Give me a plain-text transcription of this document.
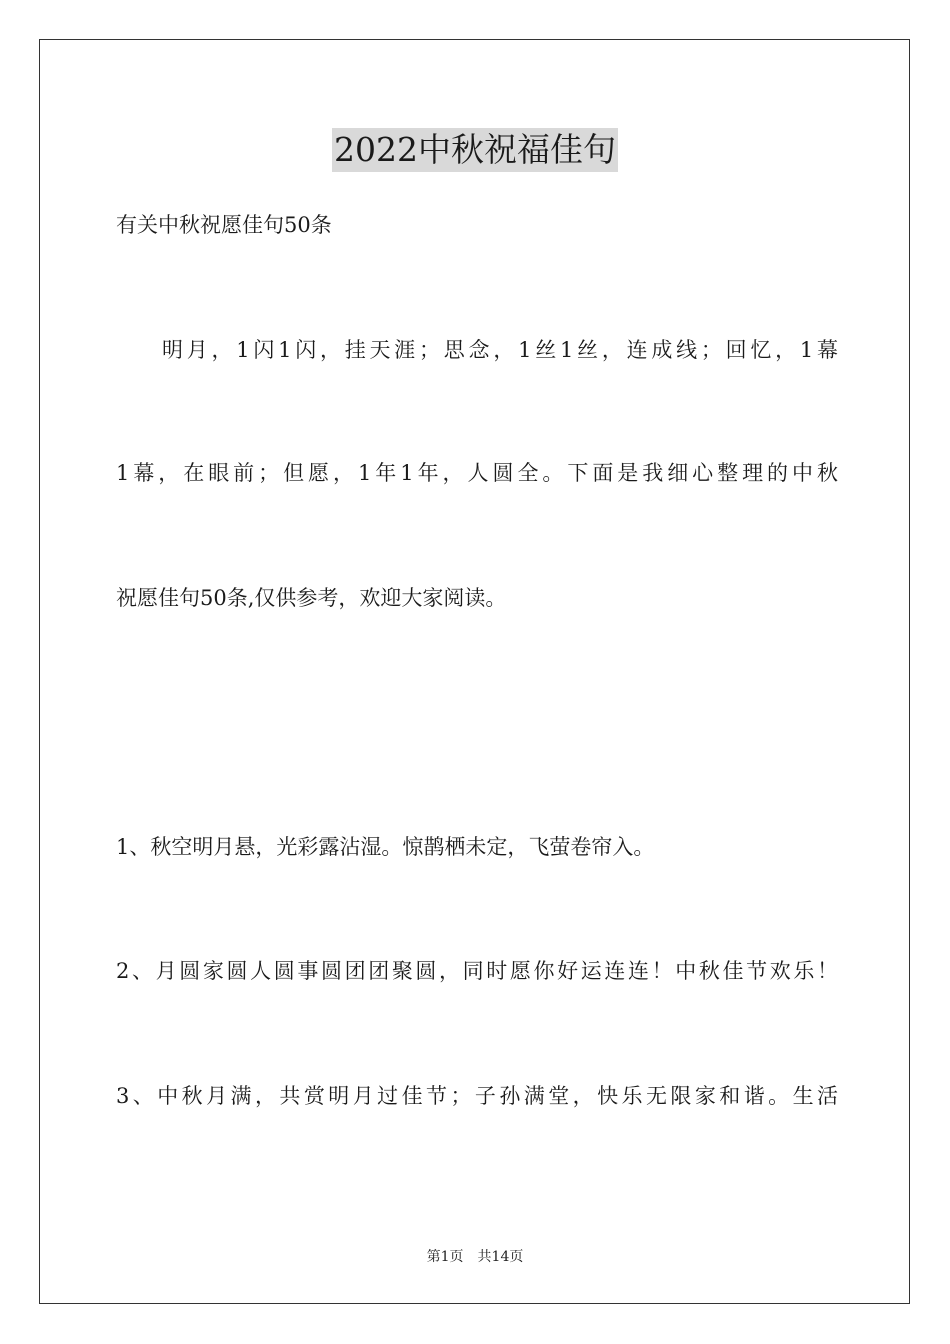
2022中秋祝福佳句
有关中秋祝愿佳句50条
明月，1闪1闪，挂天涯；思念，1丝1丝，连成线；回忆，1幕
1幕，在眼前；但愿，1年1年，人圆全。下面是我细心整理的中秋
祝愿佳句50条,仅供参考，欢迎大家阅读。
1、秋空明月悬，光彩露沾湿。惊鹊栖未定，飞萤卷帘入。
2、月圆家圆人圆事圆团团聚圆，同时愿你好运连连！中秋佳节欢乐！
3、中秋月满，共赏明月过佳节；子孙满堂，快乐无限家和谐。生活
第1页　共14页
